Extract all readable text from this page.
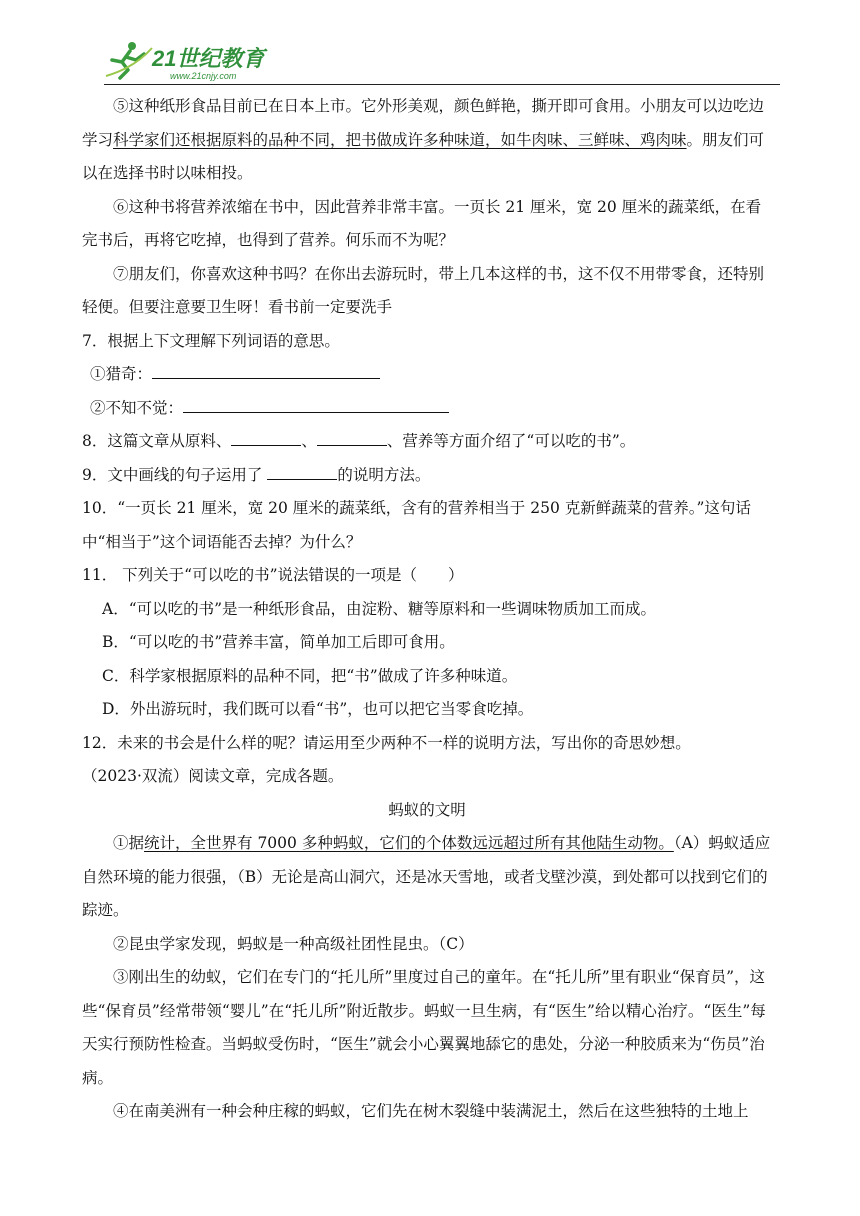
21世纪教育
www.21cnjy.com

⑤这种纸形食品目前已在日本上市。它外形美观，颜色鲜艳，撕开即可食用。小朋友可以边吃边学习科学家们还根据原料的品种不同，把书做成许多种味道，如牛肉味、三鲜味、鸡肉味。朋友们可以在选择书时以味相投。

⑥这种书将营养浓缩在书中，因此营养非常丰富。一页长 21 厘米，宽 20 厘米的蔬菜纸，在看完书后，再将它吃掉，也得到了营养。何乐而不为呢？

⑦朋友们，你喜欢这种书吗？在你出去游玩时，带上几本这样的书，这不仅不用带零食，还特别轻便。但要注意要卫生呀！看书前一定要洗手

7．根据上下文理解下列词语的意思。

①猎奇：

②不知不觉：

8．这篇文章从原料、	、	、营养等方面介绍了“可以吃的书”。

9．文中画线的句子运用了	的说明方法。

10．“一页长 21 厘米，宽 20 厘米的蔬菜纸，含有的营养相当于 250 克新鲜蔬菜的营养。”这句话中“相当于”这个词语能否去掉？为什么？

11． 下列关于“可以吃的书”说法错误的一项是（　　）

A．“可以吃的书”是一种纸形食品，由淀粉、糖等原料和一些调味物质加工而成。

B．“可以吃的书”营养丰富，简单加工后即可食用。

C．科学家根据原料的品种不同，把“书”做成了许多种味道。

D．外出游玩时，我们既可以看“书”，也可以把它当零食吃掉。

12．未来的书会是什么样的呢？请运用至少两种不一样的说明方法，写出你的奇思妙想。

（2023·双流）阅读文章，完成各题。

蚂蚁的文明

①据统计，全世界有 7000 多种蚂蚁，它们的个体数远远超过所有其他陆生动物。（A）蚂蚁适应自然环境的能力很强，（B）无论是高山洞穴，还是冰天雪地，或者戈壁沙漠，到处都可以找到它们的踪迹。

②昆虫学家发现，蚂蚁是一种高级社团性昆虫。（C）

③刚出生的幼蚁，它们在专门的“托儿所”里度过自己的童年。在“托儿所”里有职业“保育员”，这些“保育员”经常带领“婴儿”在“托儿所”附近散步。蚂蚁一旦生病，有“医生”给以精心治疗。“医生”每天实行预防性检查。当蚂蚁受伤时，“医生”就会小心翼翼地舔它的患处，分泌一种胶质来为“伤员”治病。

④在南美洲有一种会种庄稼的蚂蚁，它们先在树木裂缝中装满泥土，然后在这些独特的土地上
